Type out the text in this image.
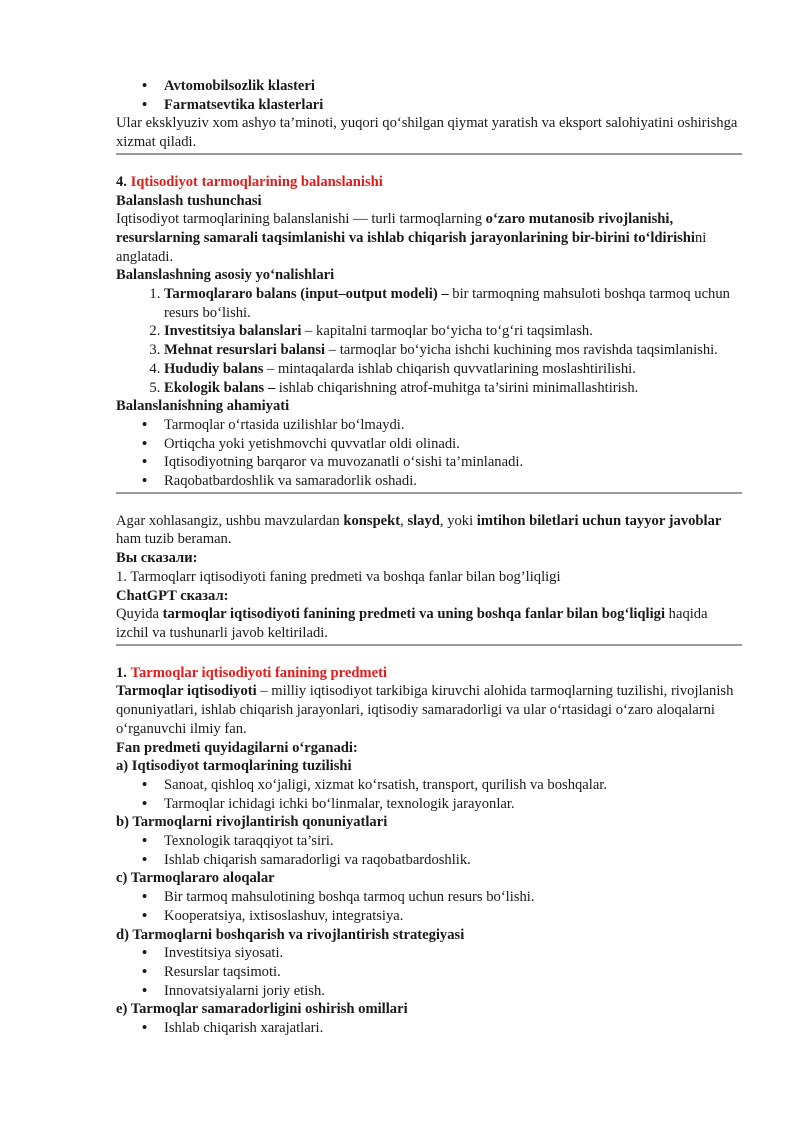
• Avtomobilsozlik klasteri
• Farmatsevtika klasterlari

Ular eksklyuziv xom ashyo ta’minoti, yuqori qo‘shilgan qiymat yaratish va eksport salohiyatini oshirishga xizmat qiladi.

4. Iqtisodiyot tarmoqlarining balanslanishi

Balanslash tushunchasi

Iqtisodiyot tarmoqlarining balanslanishi — turli tarmoqlarning o‘zaro mutanosib rivojlanishi, resurslarning samarali taqsimlanishi va ishlab chiqarish jarayonlarining bir-birini to‘ldirishini anglatadi.

Balanslashning asosiy yo‘nalishlari

1. Tarmoqlararo balans (input–output modeli) – bir tarmoqning mahsuloti boshqa tarmoq uchun resurs bo‘lishi.
2. Investitsiya balanslari – kapitalni tarmoqlar bo‘yicha to‘g‘ri taqsimlash.
3. Mehnat resurslari balansi – tarmoqlar bo‘yicha ishchi kuchining mos ravishda taqsimlanishi.
4. Hududiy balans – mintaqalarda ishlab chiqarish quvvatlarining moslashtirilishi.
5. Ekologik balans – ishlab chiqarishning atrof-muhitga ta’sirini minimallashtirish.

Balanslanishning ahamiyati

• Tarmoqlar o‘rtasida uzilishlar bo‘lmaydi.
• Ortiqcha yoki yetishmovchi quvvatlar oldi olinadi.
• Iqtisodiyotning barqaror va muvozanatli o‘sishi ta’minlanadi.
• Raqobatbardoshlik va samaradorlik oshadi.

Agar xohlasangiz, ushbu mavzulardan konspekt, slayd, yoki imtihon biletlari uchun tayyor javoblar ham tuzib beraman.

Вы сказали:

1. Tarmoqlarr iqtisodiyoti faning predmeti va boshqa fanlar bilan bog’liqligi

ChatGPT сказал:

Quyida tarmoqlar iqtisodiyoti fanining predmeti va uning boshqa fanlar bilan bog‘liqligi haqida izchil va tushunarli javob keltiriladi.

1. Tarmoqlar iqtisodiyoti fanining predmeti

Tarmoqlar iqtisodiyoti – milliy iqtisodiyot tarkibiga kiruvchi alohida tarmoqlarning tuzilishi, rivojlanish qonuniyatlari, ishlab chiqarish jarayonlari, iqtisodiy samaradorligi va ular o‘rtasidagi o‘zaro aloqalarni o‘rganuvchi ilmiy fan.

Fan predmeti quyidagilarni o‘rganadi:

a) Iqtisodiyot tarmoqlarining tuzilishi

• Sanoat, qishloq xo‘jaligi, xizmat ko‘rsatish, transport, qurilish va boshqalar.
• Tarmoqlar ichidagi ichki bo‘linmalar, texnologik jarayonlar.

b) Tarmoqlarni rivojlantirish qonuniyatlari

• Texnologik taraqqiyot ta’siri.
• Ishlab chiqarish samaradorligi va raqobatbardoshlik.

c) Tarmoqlararo aloqalar

• Bir tarmoq mahsulotining boshqa tarmoq uchun resurs bo‘lishi.
• Kooperatsiya, ixtisoslashuv, integratsiya.

d) Tarmoqlarni boshqarish va rivojlantirish strategiyasi

• Investitsiya siyosati.
• Resurslar taqsimoti.
• Innovatsiyalarni joriy etish.

e) Tarmoqlar samaradorligini oshirish omillari

• Ishlab chiqarish xarajatlari.
